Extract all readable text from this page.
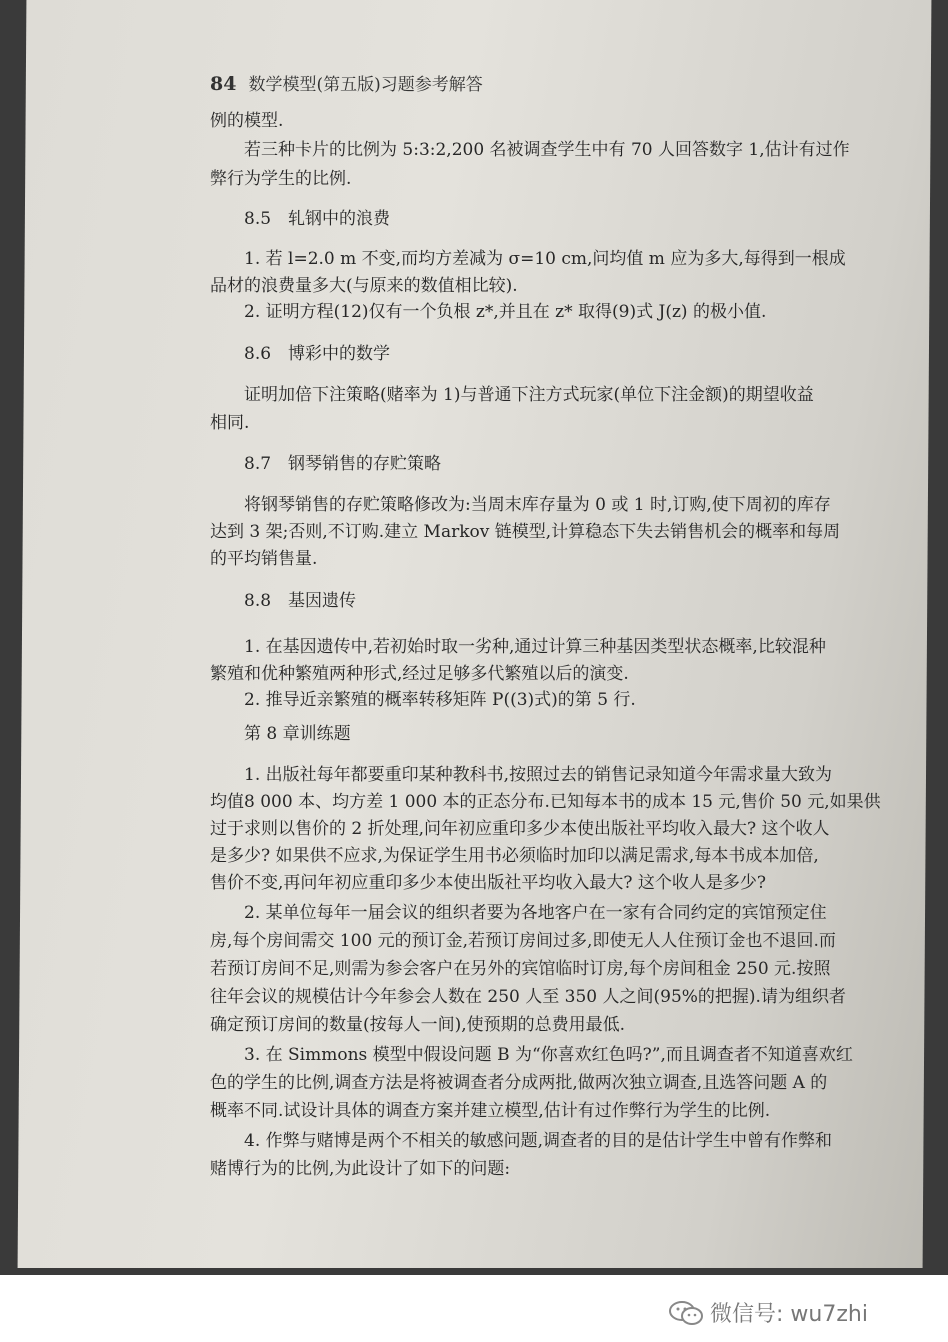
84 数学模型(第五版)习题参考解答
例的模型.
若三种卡片的比例为 5:3:2,200 名被调查学生中有 70 人回答数字 1,估计有过作
弊行为学生的比例.
8.5　轧钢中的浪费
1. 若 l=2.0 m 不变,而均方差减为 σ=10 cm,问均值 m 应为多大,每得到一根成
品材的浪费量多大(与原来的数值相比较).
2. 证明方程(12)仅有一个负根 z*,并且在 z* 取得(9)式 J(z) 的极小值.
8.6　博彩中的数学
证明加倍下注策略(赌率为 1)与普通下注方式玩家(单位下注金额)的期望收益
相同.
8.7　钢琴销售的存贮策略
将钢琴销售的存贮策略修改为:当周末库存量为 0 或 1 时,订购,使下周初的库存
达到 3 架;否则,不订购.建立 Markov 链模型,计算稳态下失去销售机会的概率和每周
的平均销售量.
8.8　基因遗传
1. 在基因遗传中,若初始时取一劣种,通过计算三种基因类型状态概率,比较混种
繁殖和优种繁殖两种形式,经过足够多代繁殖以后的演变.
2. 推导近亲繁殖的概率转移矩阵 P((3)式)的第 5 行.
第 8 章训练题
1. 出版社每年都要重印某种教科书,按照过去的销售记录知道今年需求量大致为
均值8 000 本、均方差 1 000 本的正态分布.已知每本书的成本 15 元,售价 50 元,如果供
过于求则以售价的 2 折处理,问年初应重印多少本使出版社平均收入最大? 这个收人
是多少? 如果供不应求,为保证学生用书必须临时加印以满足需求,每本书成本加倍,
售价不变,再问年初应重印多少本使出版社平均收入最大? 这个收人是多少?
2. 某单位每年一届会议的组织者要为各地客户在一家有合同约定的宾馆预定住
房,每个房间需交 100 元的预订金,若预订房间过多,即使无人人住预订金也不退回.而
若预订房间不足,则需为参会客户在另外的宾馆临时订房,每个房间租金 250 元.按照
往年会议的规模估计今年参会人数在 250 人至 350 人之间(95%的把握).请为组织者
确定预订房间的数量(按每人一间),使预期的总费用最低.
3. 在 Simmons 模型中假设问题 B 为“你喜欢红色吗?”,而且调查者不知道喜欢红
色的学生的比例,调查方法是将被调查者分成两批,做两次独立调查,且选答问题 A 的
概率不同.试设计具体的调查方案并建立模型,估计有过作弊行为学生的比例.
4. 作弊与赌博是两个不相关的敏感问题,调查者的目的是估计学生中曾有作弊和
赌博行为的比例,为此设计了如下的问题:
微信号: wu7zhi
